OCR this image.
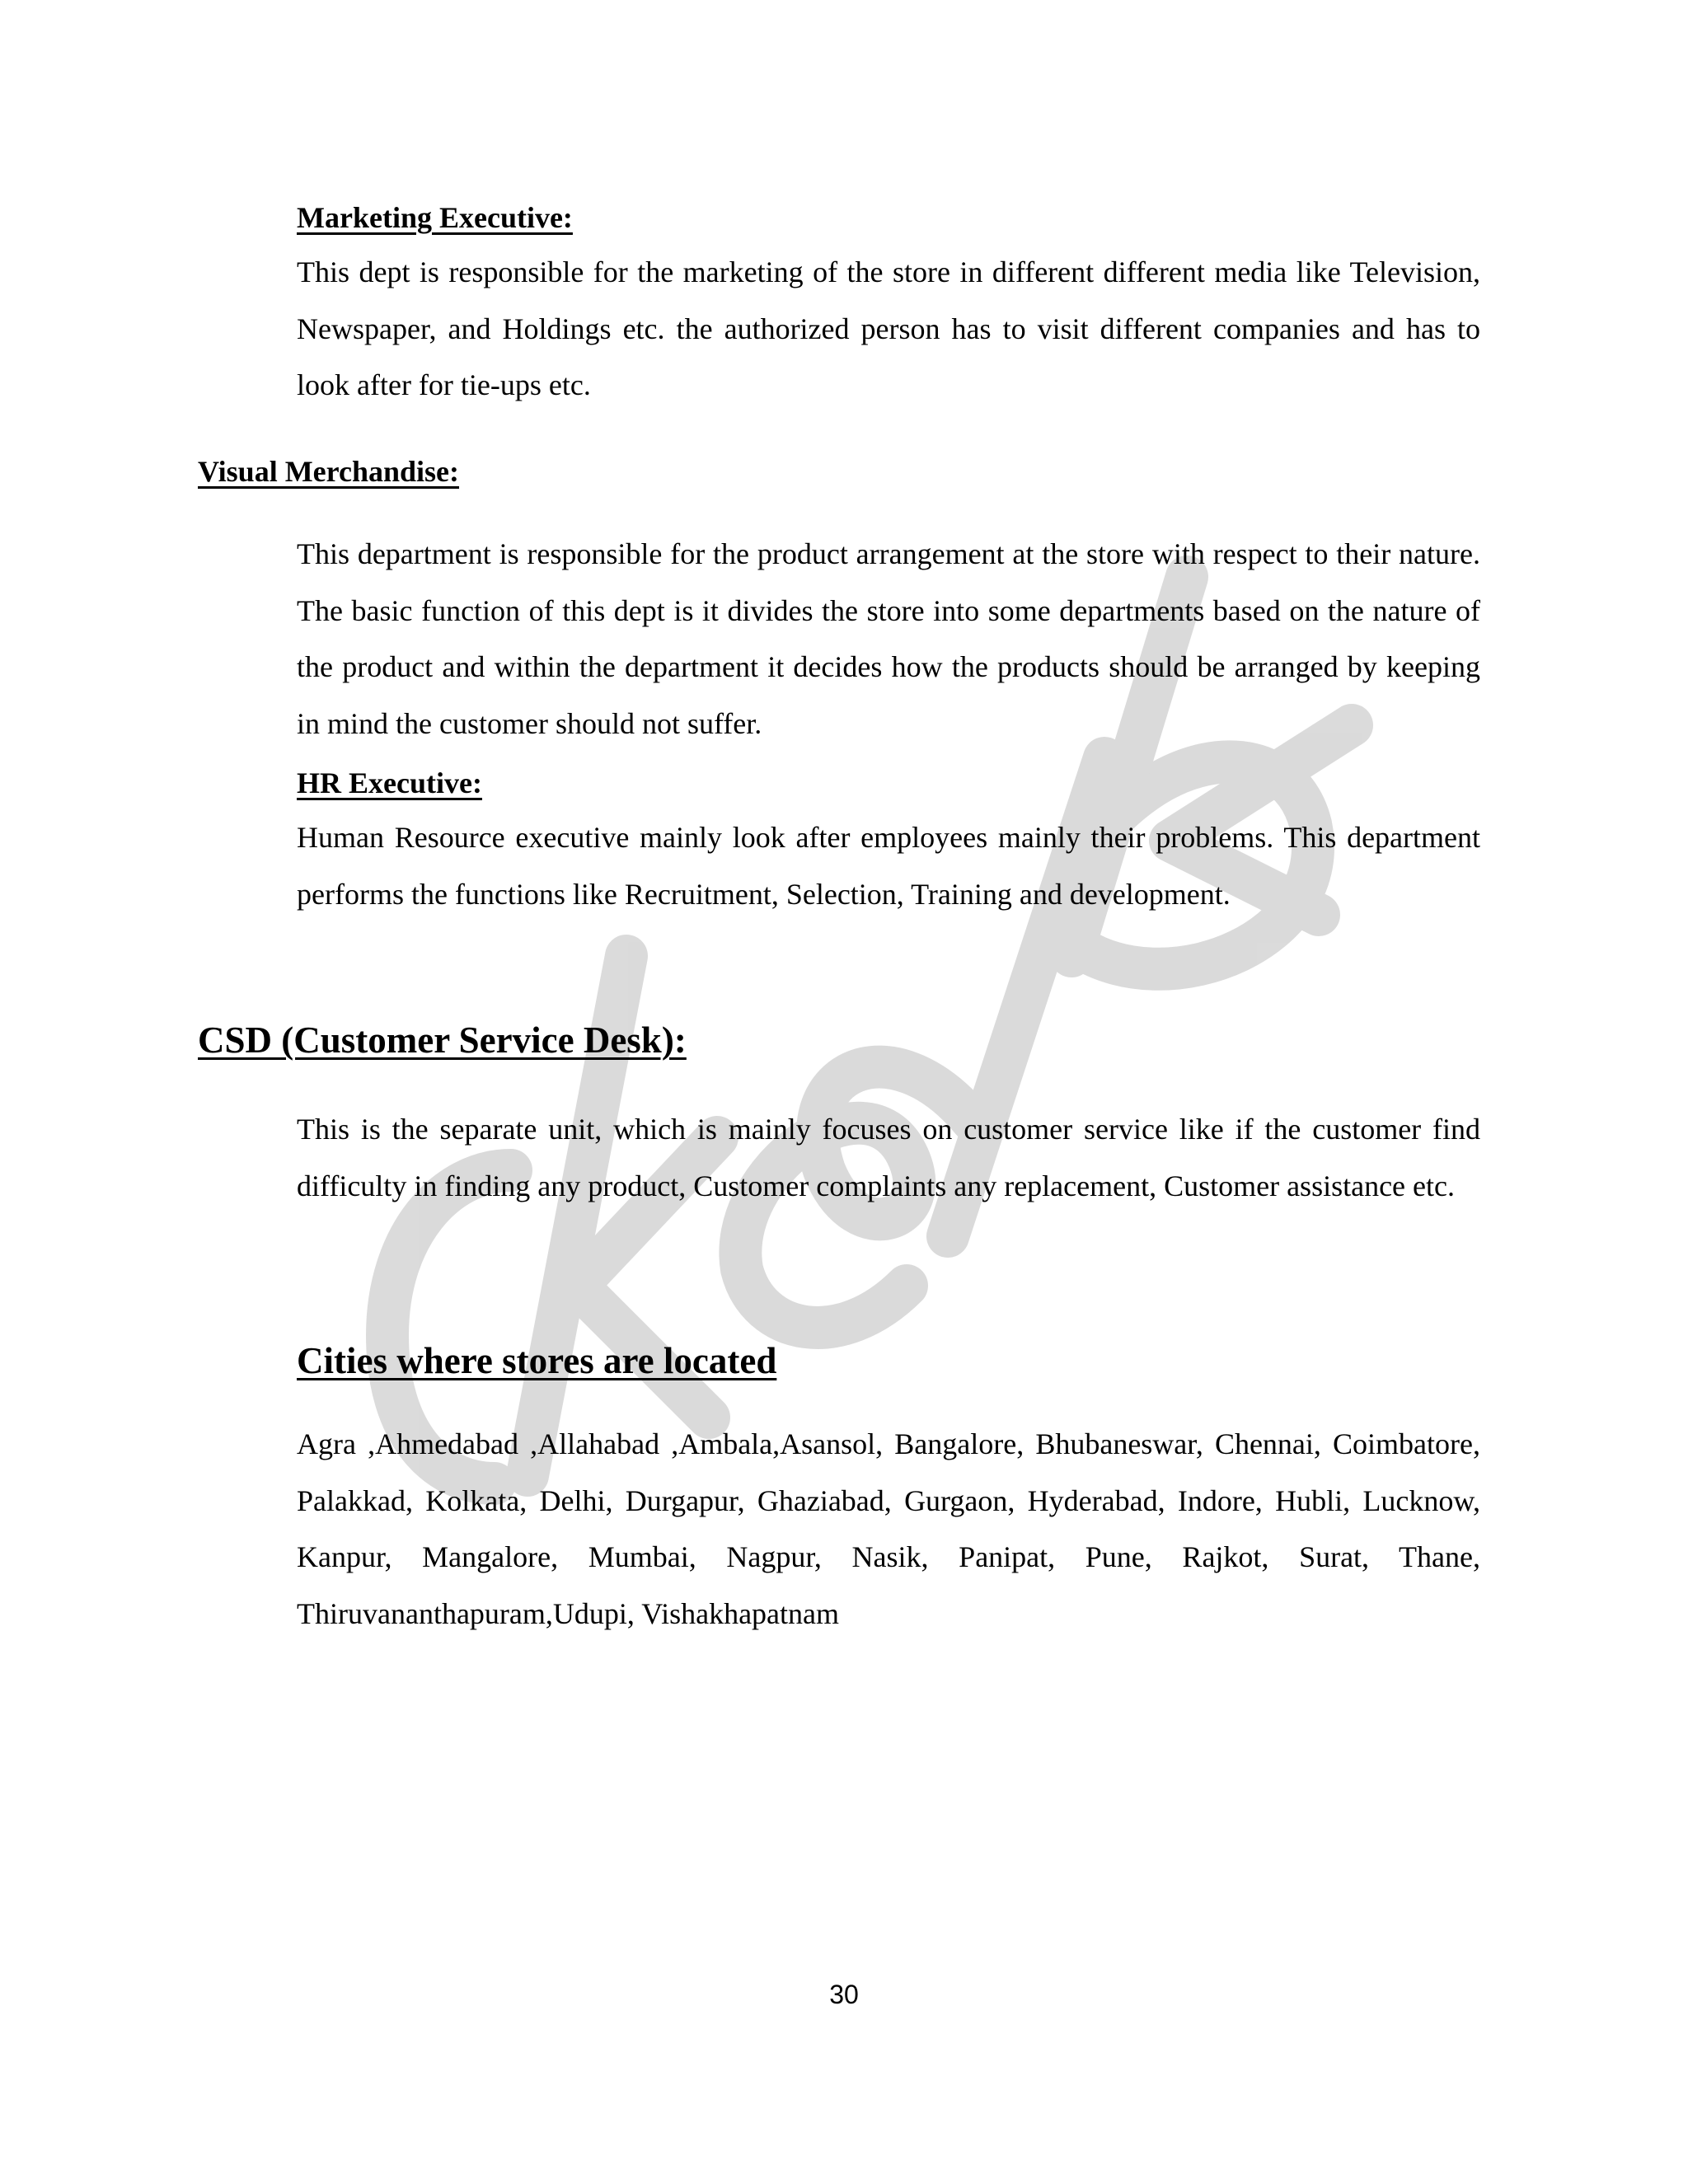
Marketing Executive:

This dept is responsible for the marketing of the store in different different media like Television, Newspaper, and Holdings etc. the authorized person has to visit different companies and has to look after for tie-ups etc.

Visual Merchandise:

This department is responsible for the product arrangement at the store with respect to their nature. The basic function of this dept is it divides the store into some departments based on the nature of the product and within the department it decides how the products should be arranged by keeping in mind the customer should not suffer.

HR Executive:

Human Resource executive mainly look after employees mainly their problems. This department performs the functions like Recruitment, Selection, Training and development.

CSD (Customer Service Desk):

This is the separate unit, which is mainly focuses on customer service like if the customer find difficulty in finding any product, Customer complaints any replacement, Customer assistance etc.

Cities where stores are located

Agra ,Ahmedabad ,Allahabad ,Ambala,Asansol, Bangalore, Bhubaneswar, Chennai, Coimbatore, Palakkad, Kolkata, Delhi, Durgapur, Ghaziabad, Gurgaon, Hyderabad, Indore, Hubli, Lucknow, Kanpur, Mangalore, Mumbai, Nagpur, Nasik, Panipat, Pune, Rajkot, Surat, Thane, Thiruvananthapuram,Udupi, Vishakhapatnam

30
